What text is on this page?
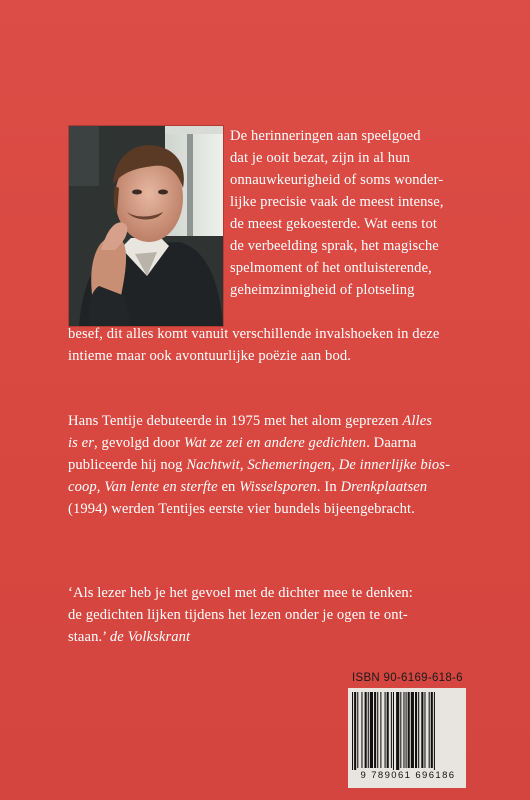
De herinneringen aan speelgoed
dat je ooit bezat, zijn in al hun
onnauwkeurigheid of soms wonder-
lijke precisie vaak de meest intense,
de meest gekoesterde. Wat eens tot
de verbeelding sprak, het magische
spelmoment of het ontluisterende,
geheimzinnigheid of plotseling

besef, dit alles komt vanuit verschillende invalshoeken in deze
intieme maar ook avontuurlijke poëzie aan bod.

Hans Tentije debuteerde in 1975 met het alom geprezen Alles
is er, gevolgd door Wat ze zei en andere gedichten. Daarna
publiceerde hij nog Nachtwit, Schemeringen, De innerlijke bios-
coop, Van lente en sterfte en Wisselsporen. In Drenkplaatsen
(1994) werden Tentijes eerste vier bundels bijeengebracht.

‘Als lezer heb je het gevoel met de dichter mee te denken:
de gedichten lijken tijdens het lezen onder je ogen te ont-
staan.’ de Volkskrant

ISBN 90-6169-618-6
9 789061 696186
